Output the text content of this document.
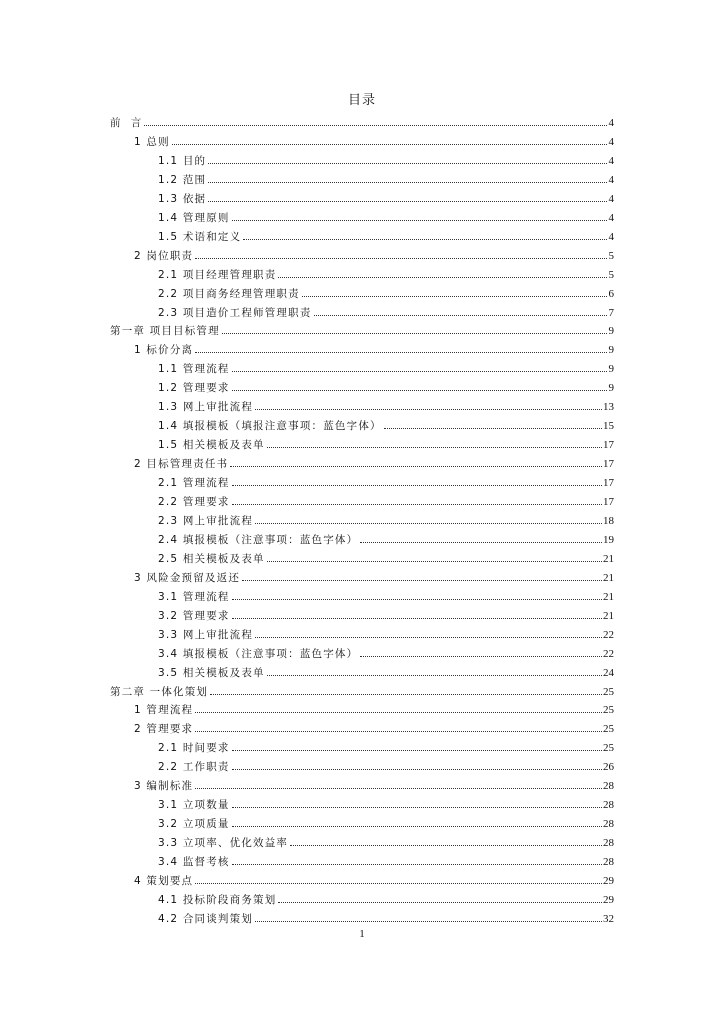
目录
前  言	4
1 总则	4
1.1 目的	4
1.2 范围	4
1.3 依据	4
1.4 管理原则	4
1.5 术语和定义	4
2 岗位职责	5
2.1 项目经理管理职责	5
2.2 项目商务经理管理职责	6
2.3 项目造价工程师管理职责	7
第一章 项目目标管理	9
1 标价分离	9
1.1 管理流程	9
1.2 管理要求	9
1.3 网上审批流程	13
1.4 填报模板（填报注意事项：蓝色字体）	15
1.5 相关模板及表单	17
2 目标管理责任书	17
2.1 管理流程	17
2.2 管理要求	17
2.3 网上审批流程	18
2.4 填报模板（注意事项：蓝色字体）	19
2.5 相关模板及表单	21
3 风险金预留及返还	21
3.1 管理流程	21
3.2 管理要求	21
3.3 网上审批流程	22
3.4 填报模板（注意事项：蓝色字体）	22
3.5 相关模板及表单	24
第二章 一体化策划	25
1 管理流程	25
2 管理要求	25
2.1 时间要求	25
2.2 工作职责	26
3 编制标准	28
3.1 立项数量	28
3.2 立项质量	28
3.3 立项率、优化效益率	28
3.4 监督考核	28
4 策划要点	29
4.1 投标阶段商务策划	29
4.2 合同谈判策划	32
1
